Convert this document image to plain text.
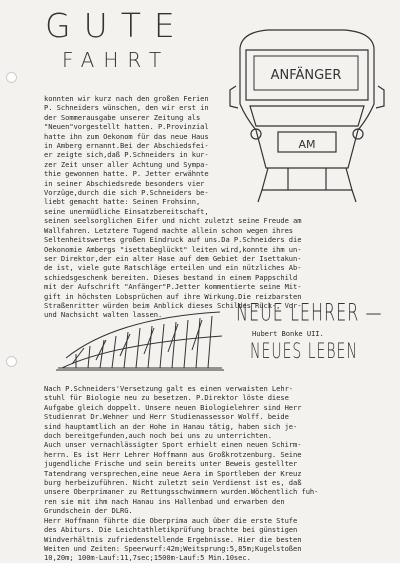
GUTE
FAHRT
ANFÄNGER
AM
konnten wir kurz nach den großen Ferien
P. Schneiders wünschen, den wir erst in
der Sommerausgabe unserer Zeitung als
"Neuen"vorgestellt hatten. P.Provinzial
hatte ihn zum Oekonom für das neue Haus
in Amberg ernannt.Bei der Abschiedsfei-
er zeigte sich,daß P.Schneiders in kur-
zer Zeit unser aller Achtung und Sympa-
thie gewonnen hatte. P. Jetter erwähnte
in seiner Abschiedsrede besonders vier
Vorzüge,durch die sich P.Schneiders be-
liebt gemacht hatte: Seinen Frohsinn,
seine unermüdliche Einsatzbereitschaft,
seinen seelsorglichen Eifer und nicht zuletzt seine Freude am
Wallfahren. Letztere Tugend machte allein schon wegen ihres
Seltenheitswertes großen Eindruck auf uns.Da P.Schneiders die
Oekonomie Ambergs "isettabeglückt" leiten wird,konnte ihm un-
ser Direktor,der ein alter Hase auf dem Gebiet der Isettakun-
de ist, viele gute Ratschläge erteilen und ein nützliches Ab-
schiedsgeschenk bereiten. Dieses bestand in einem Pappschild
mit der Aufschrift "Anfänger"P.Jetter kommentierte seine Mit-
gift in höchsten Lobsprüchen auf ihre Wirkung.Die reizbarsten
Straßenritter würden beim Anblick dieses Schildes Rück-, Vor-
und Nachsicht walten lassen.
Hubert Bonke UII.
NEUE LEHRER —
NEUES LEBEN
Nach P.Schneiders'Versetzung galt es einen verwaisten Lehr-
stuhl für Biologie neu zu besetzen. P.Direktor löste diese
Aufgabe gleich doppelt. Unsere neuen Biologielehrer sind Herr
Studienrat Dr.Wehner und Herr Studienassessor Wolff. beide
sind hauptamtlich an der Hohe in Hanau tätig, haben sich je-
doch bereitgefunden,auch noch bei uns zu unterrichten.
Auch unser vernachlässigter Sport erhielt einen neuen Schirm-
herrn. Es ist Herr Lehrer Hoffmann aus Großkrotzenburg. Seine
jugendliche Frische und sein bereits unter Beweis gestellter
Tatendrang versprechen,eine neue Aera im Sportleben der Kreuz
burg herbeizuführen. Nicht zuletzt sein Verdienst ist es, daß
unsere Oberprimaner zu Rettungsschwimmern wurden.Wöchentlich fuh-
ren sie mit ihm nach Hanau ins Hallenbad und erwarben den
Grundschein der DLRG.
Herr Hoffmann führte die Oberprima auch über die erste Stufe
des Abiturs. Die Leichtathletikprüfung brachte bei günstigen
Windverhältnis zufriedenstellende Ergebnisse. Hier die besten
Weiten und Zeiten: Speerwurf:42m;Weitsprung:5,85m;Kugelstoßen
10,20m; 100m-Lauf:11,7sec;1500m-Lauf:5 Min.10sec.
